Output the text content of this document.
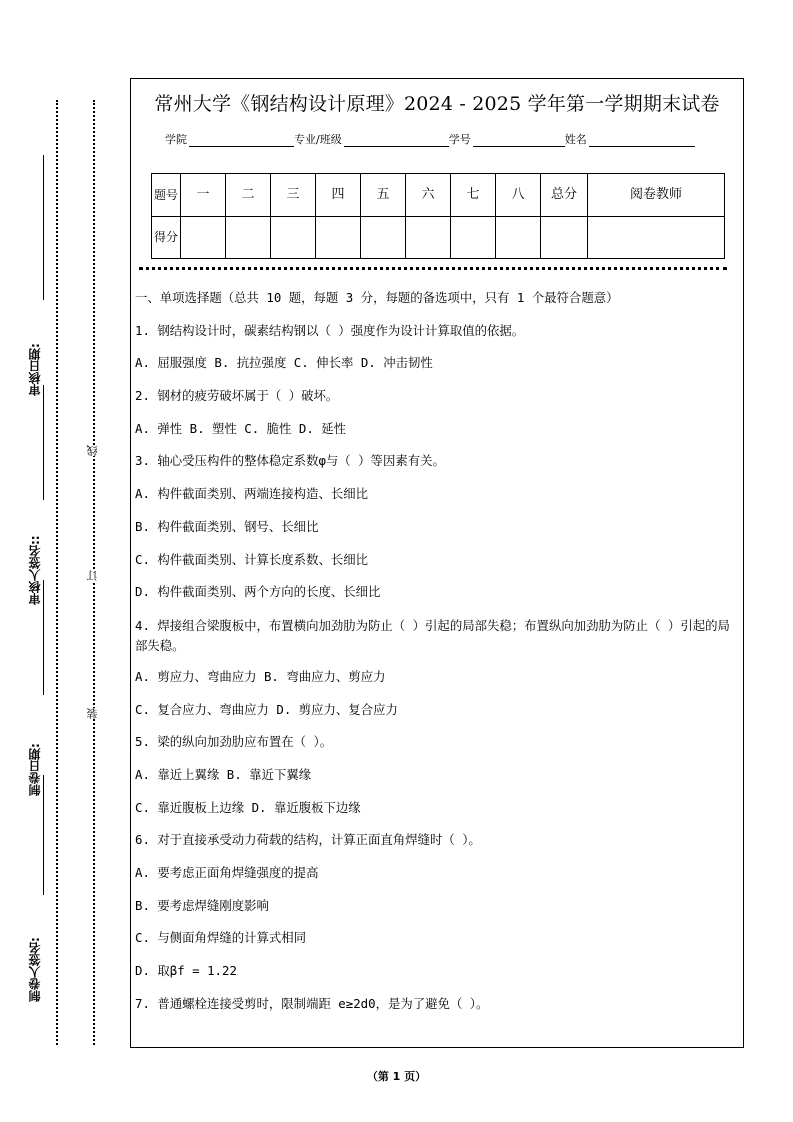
审核日期:
审核人签名::
制卷日期:
制卷人签名:
线
订
装
常州大学《钢结构设计原理》2024 - 2025 学年第一学期期末试卷
学院	专业/班级	学号	姓名
题号	一	二	三	四	五	六	七	八	总分	阅卷教师
得分										
一、单项选择题（总共 10 题，每题 3 分，每题的备选项中，只有 1 个最符合题意）
1. 钢结构设计时，碳素结构钢以（ ）强度作为设计计算取值的依据。
A. 屈服强度 B. 抗拉强度 C. 伸长率 D. 冲击韧性
2. 钢材的疲劳破坏属于（ ）破坏。
A. 弹性 B. 塑性 C. 脆性 D. 延性
3. 轴心受压构件的整体稳定系数φ与（ ）等因素有关。
A. 构件截面类别、两端连接构造、长细比
B. 构件截面类别、钢号、长细比
C. 构件截面类别、计算长度系数、长细比
D. 构件截面类别、两个方向的长度、长细比
4. 焊接组合梁腹板中，布置横向加劲肋为防止（ ）引起的局部失稳；布置纵向加劲肋为防止（ ）引起的局部失稳。
A. 剪应力、弯曲应力 B. 弯曲应力、剪应力
C. 复合应力、弯曲应力 D. 剪应力、复合应力
5. 梁的纵向加劲肋应布置在（ ）。
A. 靠近上翼缘 B. 靠近下翼缘
C. 靠近腹板上边缘 D. 靠近腹板下边缘
6. 对于直接承受动力荷载的结构，计算正面直角焊缝时（ ）。
A. 要考虑正面角焊缝强度的提高
B. 要考虑焊缝刚度影响
C. 与侧面角焊缝的计算式相同
D. 取βf = 1.22
7. 普通螺栓连接受剪时，限制端距 e≥2d0，是为了避免（ ）。
（第 1 页）
